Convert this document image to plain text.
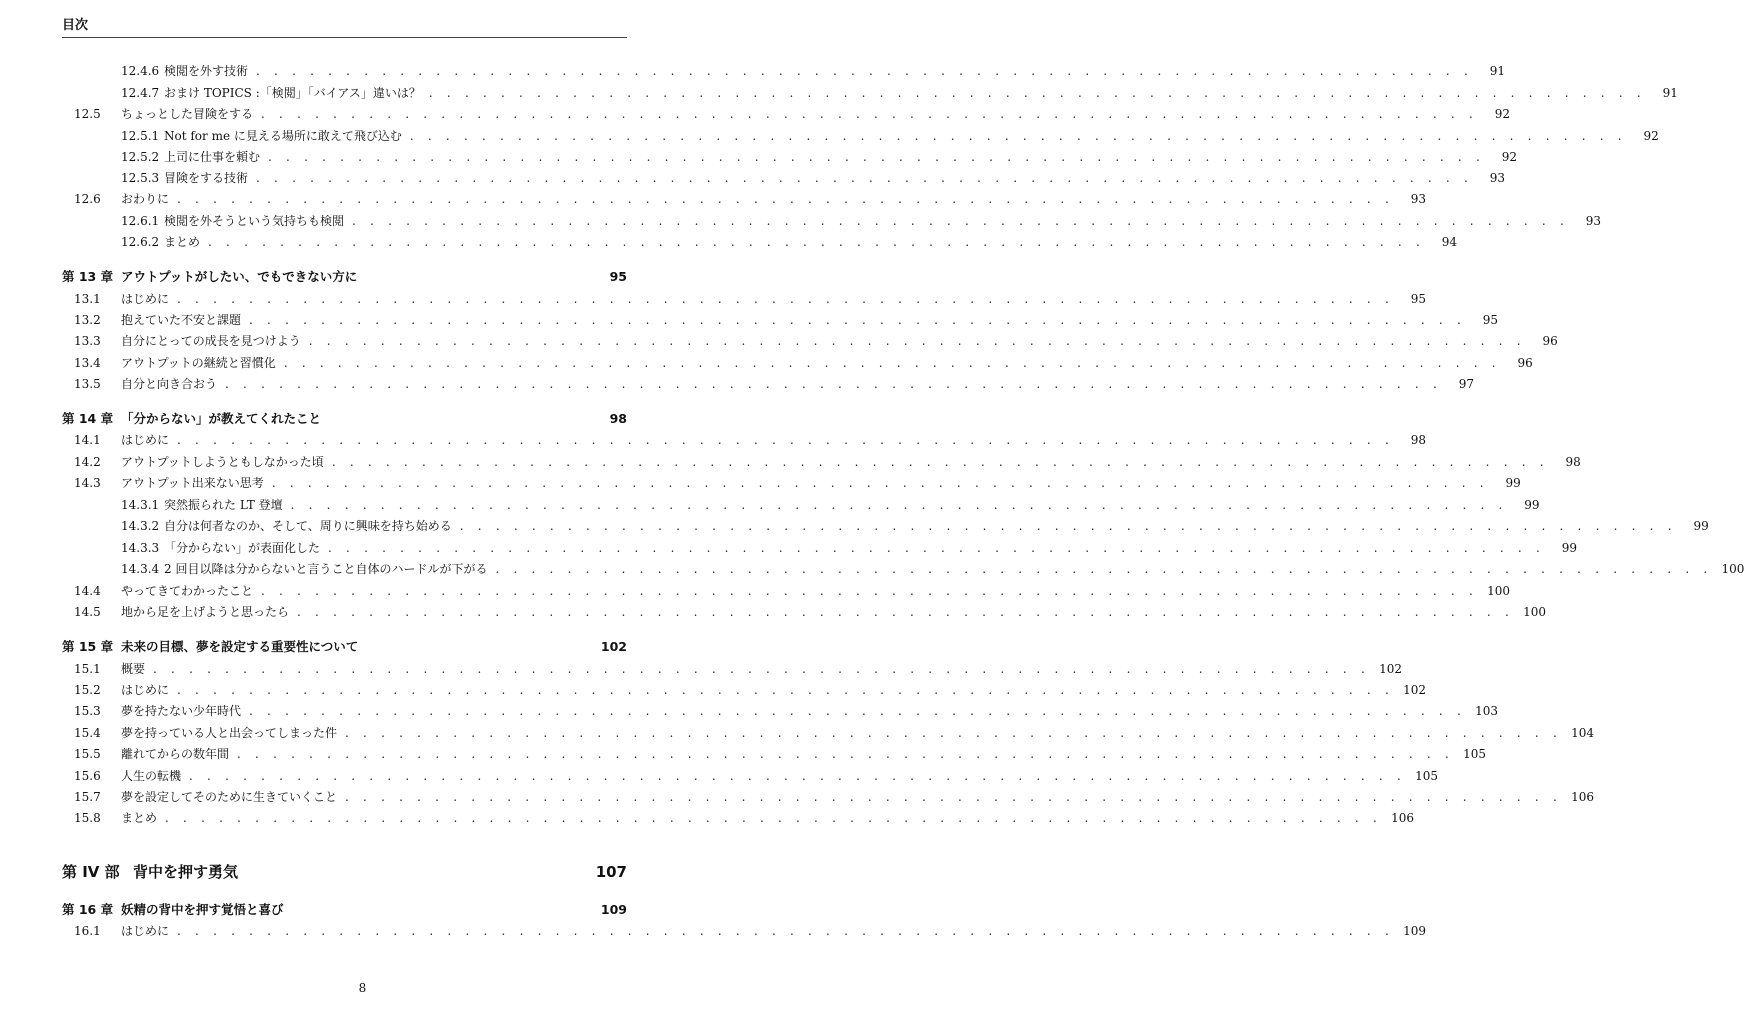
目次
12.4.6 検閲を外す技術 . . . . . . . . . . . . . . . . . . . . . . . . . . . . . . . . . . . . . . . . . . . . . . . . . . . . . . . . . . . . . . . . . . . .	91
12.4.7 おまけ TOPICS :「検閲」「バイアス」違いは？ . . . . . . . . . . . . . . . . . . . . . . . . . . . . . . . . . . . . . . . . . . . . . . . . . . . . . . . . . . . . . . . . . . . .	91
12.5 ちょっとした冒険をする . . . . . . . . . . . . . . . . . . . . . . . . . . . . . . . . . . . . . . . . . . . . . . . . . . . . . . . . . . . . . . . . . . . .	92
12.5.1 Not for me に見える場所に敢えて飛び込む . . . . . . . . . . . . . . . . . . . . . . . . . . . . . . . . . . . . . . . . . . . . . . . . . . . . . . . . . . . . . . . . . . . .	92
12.5.2 上司に仕事を頼む . . . . . . . . . . . . . . . . . . . . . . . . . . . . . . . . . . . . . . . . . . . . . . . . . . . . . . . . . . . . . . . . . . . .	92
12.5.3 冒険をする技術 . . . . . . . . . . . . . . . . . . . . . . . . . . . . . . . . . . . . . . . . . . . . . . . . . . . . . . . . . . . . . . . . . . . .	93
12.6 おわりに . . . . . . . . . . . . . . . . . . . . . . . . . . . . . . . . . . . . . . . . . . . . . . . . . . . . . . . . . . . . . . . . . . . .	93
12.6.1 検閲を外そうという気持ちも検閲 . . . . . . . . . . . . . . . . . . . . . . . . . . . . . . . . . . . . . . . . . . . . . . . . . . . . . . . . . . . . . . . . . . . .	93
12.6.2 まとめ . . . . . . . . . . . . . . . . . . . . . . . . . . . . . . . . . . . . . . . . . . . . . . . . . . . . . . . . . . . . . . . . . . . .	94
第 13 章 アウトプットがしたい、でもできない方に	95
13.1 はじめに . . . . . . . . . . . . . . . . . . . . . . . . . . . . . . . . . . . . . . . . . . . . . . . . . . . . . . . . . . . . . . . . . . . .	95
13.2 抱えていた不安と課題 . . . . . . . . . . . . . . . . . . . . . . . . . . . . . . . . . . . . . . . . . . . . . . . . . . . . . . . . . . . . . . . . . . . .	95
13.3 自分にとっての成長を見つけよう . . . . . . . . . . . . . . . . . . . . . . . . . . . . . . . . . . . . . . . . . . . . . . . . . . . . . . . . . . . . . . . . . . . .	96
13.4 アウトプットの継続と習慣化 . . . . . . . . . . . . . . . . . . . . . . . . . . . . . . . . . . . . . . . . . . . . . . . . . . . . . . . . . . . . . . . . . . . .	96
13.5 自分と向き合おう . . . . . . . . . . . . . . . . . . . . . . . . . . . . . . . . . . . . . . . . . . . . . . . . . . . . . . . . . . . . . . . . . . . .	97
第 14 章 「分からない」が教えてくれたこと	98
14.1 はじめに . . . . . . . . . . . . . . . . . . . . . . . . . . . . . . . . . . . . . . . . . . . . . . . . . . . . . . . . . . . . . . . . . . . .	98
14.2 アウトプットしようともしなかった頃 . . . . . . . . . . . . . . . . . . . . . . . . . . . . . . . . . . . . . . . . . . . . . . . . . . . . . . . . . . . . . . . . . . . .	98
14.3 アウトプット出来ない思考 . . . . . . . . . . . . . . . . . . . . . . . . . . . . . . . . . . . . . . . . . . . . . . . . . . . . . . . . . . . . . . . . . . . .	99
14.3.1 突然振られた LT 登壇 . . . . . . . . . . . . . . . . . . . . . . . . . . . . . . . . . . . . . . . . . . . . . . . . . . . . . . . . . . . . . . . . . . . .	99
14.3.2 自分は何者なのか、そして、周りに興味を持ち始める . . . . . . . . . . . . . . . . . . . . . . . . . . . . . . . . . . . . . . . . . . . . . . . . . . . . . . . . . . . . . . . . . . . .	99
14.3.3 「分からない」が表面化した . . . . . . . . . . . . . . . . . . . . . . . . . . . . . . . . . . . . . . . . . . . . . . . . . . . . . . . . . . . . . . . . . . . .	99
14.3.4 2 回目以降は分からないと言うこと自体のハードルが下がる . . . . . . . . . . . . . . . . . . . . . . . . . . . . . . . . . . . . . . . . . . . . . . . . . . . . . . . . . . . . . . . . . . . . 100
14.4 やってきてわかったこと . . . . . . . . . . . . . . . . . . . . . . . . . . . . . . . . . . . . . . . . . . . . . . . . . . . . . . . . . . . . . . . . . . . . 100
14.5 地から足を上げようと思ったら . . . . . . . . . . . . . . . . . . . . . . . . . . . . . . . . . . . . . . . . . . . . . . . . . . . . . . . . . . . . . . . . . . . . 100
第 15 章 未来の目標、夢を設定する重要性について	102
15.1 概要 . . . . . . . . . . . . . . . . . . . . . . . . . . . . . . . . . . . . . . . . . . . . . . . . . . . . . . . . . . . . . . . . . . . . 102
15.2 はじめに . . . . . . . . . . . . . . . . . . . . . . . . . . . . . . . . . . . . . . . . . . . . . . . . . . . . . . . . . . . . . . . . . . . . 102
15.3 夢を持たない少年時代 . . . . . . . . . . . . . . . . . . . . . . . . . . . . . . . . . . . . . . . . . . . . . . . . . . . . . . . . . . . . . . . . . . . . 103
15.4 夢を持っている人と出会ってしまった件 . . . . . . . . . . . . . . . . . . . . . . . . . . . . . . . . . . . . . . . . . . . . . . . . . . . . . . . . . . . . . . . . . . . . 104
15.5 離れてからの数年間 . . . . . . . . . . . . . . . . . . . . . . . . . . . . . . . . . . . . . . . . . . . . . . . . . . . . . . . . . . . . . . . . . . . . 105
15.6 人生の転機 . . . . . . . . . . . . . . . . . . . . . . . . . . . . . . . . . . . . . . . . . . . . . . . . . . . . . . . . . . . . . . . . . . . . 105
15.7 夢を設定してそのために生きていくこと . . . . . . . . . . . . . . . . . . . . . . . . . . . . . . . . . . . . . . . . . . . . . . . . . . . . . . . . . . . . . . . . . . . . 106
15.8 まとめ . . . . . . . . . . . . . . . . . . . . . . . . . . . . . . . . . . . . . . . . . . . . . . . . . . . . . . . . . . . . . . . . . . . . 106
第 IV 部 背中を押す勇気	107
第 16 章 妖精の背中を押す覚悟と喜び	109
16.1 はじめに . . . . . . . . . . . . . . . . . . . . . . . . . . . . . . . . . . . . . . . . . . . . . . . . . . . . . . . . . . . . . . . . . . . . 109
8
